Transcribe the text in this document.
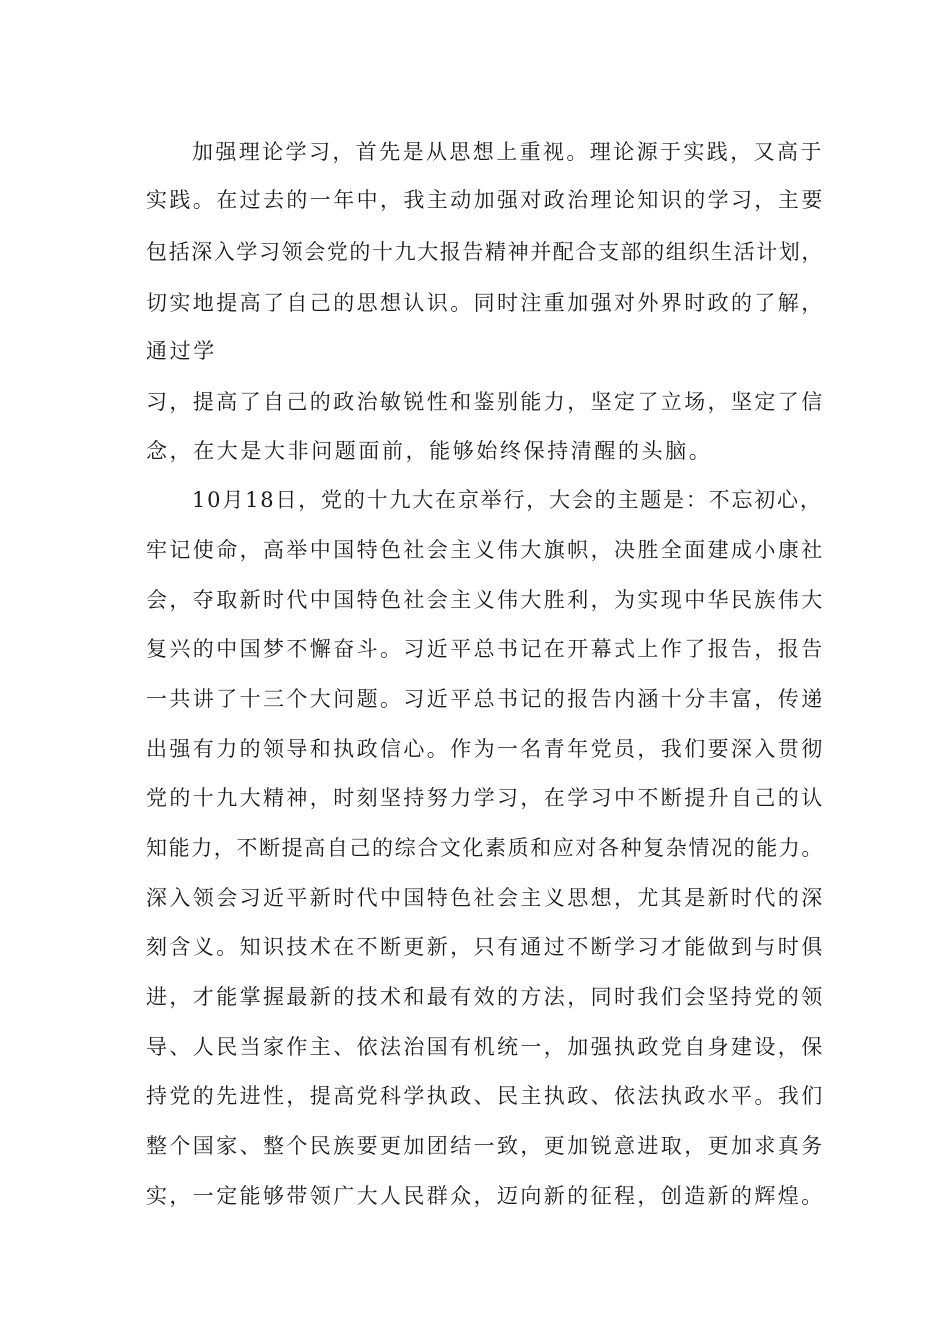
加强理论学习，首先是从思想上重视。理论源于实践，又高于

实践。在过去的一年中，我主动加强对政治理论知识的学习，主要

包括深入学习领会党的十九大报告精神并配合支部的组织生活计划，

切实地提高了自己的思想认识。同时注重加强对外界时政的了解，

通过学

习，提高了自己的政治敏锐性和鉴别能力，坚定了立场，坚定了信

念，在大是大非问题面前，能够始终保持清醒的头脑。

10月18日，党的十九大在京举行，大会的主题是：不忘初心，

牢记使命，高举中国特色社会主义伟大旗帜，决胜全面建成小康社

会，夺取新时代中国特色社会主义伟大胜利，为实现中华民族伟大

复兴的中国梦不懈奋斗。习近平总书记在开幕式上作了报告，报告

一共讲了十三个大问题。习近平总书记的报告内涵十分丰富，传递

出强有力的领导和执政信心。作为一名青年党员，我们要深入贯彻

党的十九大精神，时刻坚持努力学习，在学习中不断提升自己的认

知能力，不断提高自己的综合文化素质和应对各种复杂情况的能力。

深入领会习近平新时代中国特色社会主义思想，尤其是新时代的深

刻含义。知识技术在不断更新，只有通过不断学习才能做到与时俱

进，才能掌握最新的技术和最有效的方法，同时我们会坚持党的领

导、人民当家作主、依法治国有机统一，加强执政党自身建设，保

持党的先进性，提高党科学执政、民主执政、依法执政水平。我们

整个国家、整个民族要更加团结一致，更加锐意进取，更加求真务

实，一定能够带领广大人民群众，迈向新的征程，创造新的辉煌。
